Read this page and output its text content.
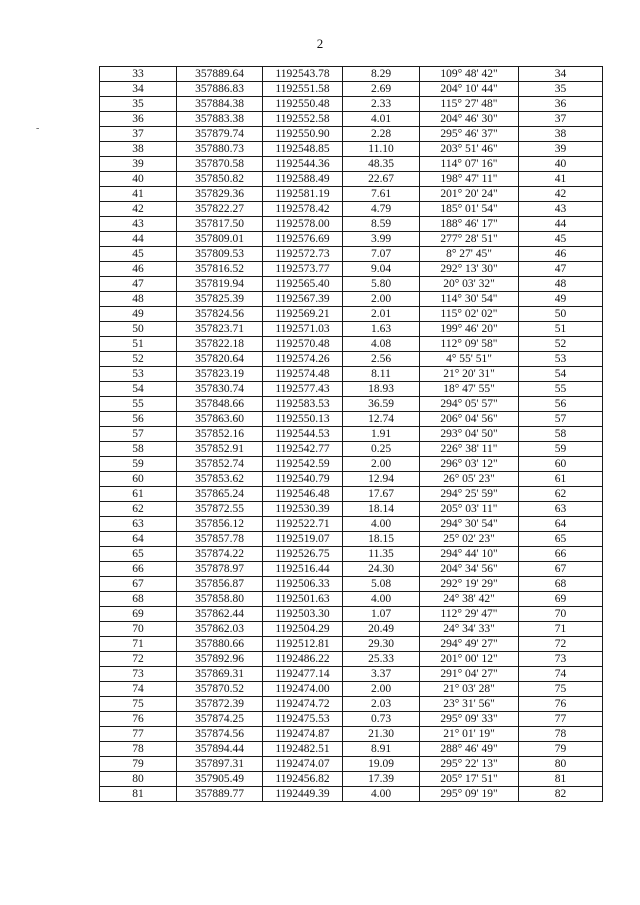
2
-
33	357889.64	1192543.78	8.29	109° 48' 42"	34
34	357886.83	1192551.58	2.69	204° 10' 44"	35
35	357884.38	1192550.48	2.33	115° 27' 48"	36
36	357883.38	1192552.58	4.01	204° 46' 30"	37
37	357879.74	1192550.90	2.28	295° 46' 37"	38
38	357880.73	1192548.85	11.10	203° 51' 46"	39
39	357870.58	1192544.36	48.35	114° 07' 16"	40
40	357850.82	1192588.49	22.67	198° 47' 11"	41
41	357829.36	1192581.19	7.61	201° 20' 24"	42
42	357822.27	1192578.42	4.79	185° 01' 54"	43
43	357817.50	1192578.00	8.59	188° 46' 17"	44
44	357809.01	1192576.69	3.99	277° 28' 51"	45
45	357809.53	1192572.73	7.07	8° 27' 45"	46
46	357816.52	1192573.77	9.04	292° 13' 30"	47
47	357819.94	1192565.40	5.80	20° 03' 32"	48
48	357825.39	1192567.39	2.00	114° 30' 54"	49
49	357824.56	1192569.21	2.01	115° 02' 02"	50
50	357823.71	1192571.03	1.63	199° 46' 20"	51
51	357822.18	1192570.48	4.08	112° 09' 58"	52
52	357820.64	1192574.26	2.56	4° 55' 51"	53
53	357823.19	1192574.48	8.11	21° 20' 31"	54
54	357830.74	1192577.43	18.93	18° 47' 55"	55
55	357848.66	1192583.53	36.59	294° 05' 57"	56
56	357863.60	1192550.13	12.74	206° 04' 56"	57
57	357852.16	1192544.53	1.91	293° 04' 50"	58
58	357852.91	1192542.77	0.25	226° 38' 11"	59
59	357852.74	1192542.59	2.00	296° 03' 12"	60
60	357853.62	1192540.79	12.94	26° 05' 23"	61
61	357865.24	1192546.48	17.67	294° 25' 59"	62
62	357872.55	1192530.39	18.14	205° 03' 11"	63
63	357856.12	1192522.71	4.00	294° 30' 54"	64
64	357857.78	1192519.07	18.15	25° 02' 23"	65
65	357874.22	1192526.75	11.35	294° 44' 10"	66
66	357878.97	1192516.44	24.30	204° 34' 56"	67
67	357856.87	1192506.33	5.08	292° 19' 29"	68
68	357858.80	1192501.63	4.00	24° 38' 42"	69
69	357862.44	1192503.30	1.07	112° 29' 47"	70
70	357862.03	1192504.29	20.49	24° 34' 33"	71
71	357880.66	1192512.81	29.30	294° 49' 27"	72
72	357892.96	1192486.22	25.33	201° 00' 12"	73
73	357869.31	1192477.14	3.37	291° 04' 27"	74
74	357870.52	1192474.00	2.00	21° 03' 28"	75
75	357872.39	1192474.72	2.03	23° 31' 56"	76
76	357874.25	1192475.53	0.73	295° 09' 33"	77
77	357874.56	1192474.87	21.30	21° 01' 19"	78
78	357894.44	1192482.51	8.91	288° 46' 49"	79
79	357897.31	1192474.07	19.09	295° 22' 13"	80
80	357905.49	1192456.82	17.39	205° 17' 51"	81
81	357889.77	1192449.39	4.00	295° 09' 19"	82
